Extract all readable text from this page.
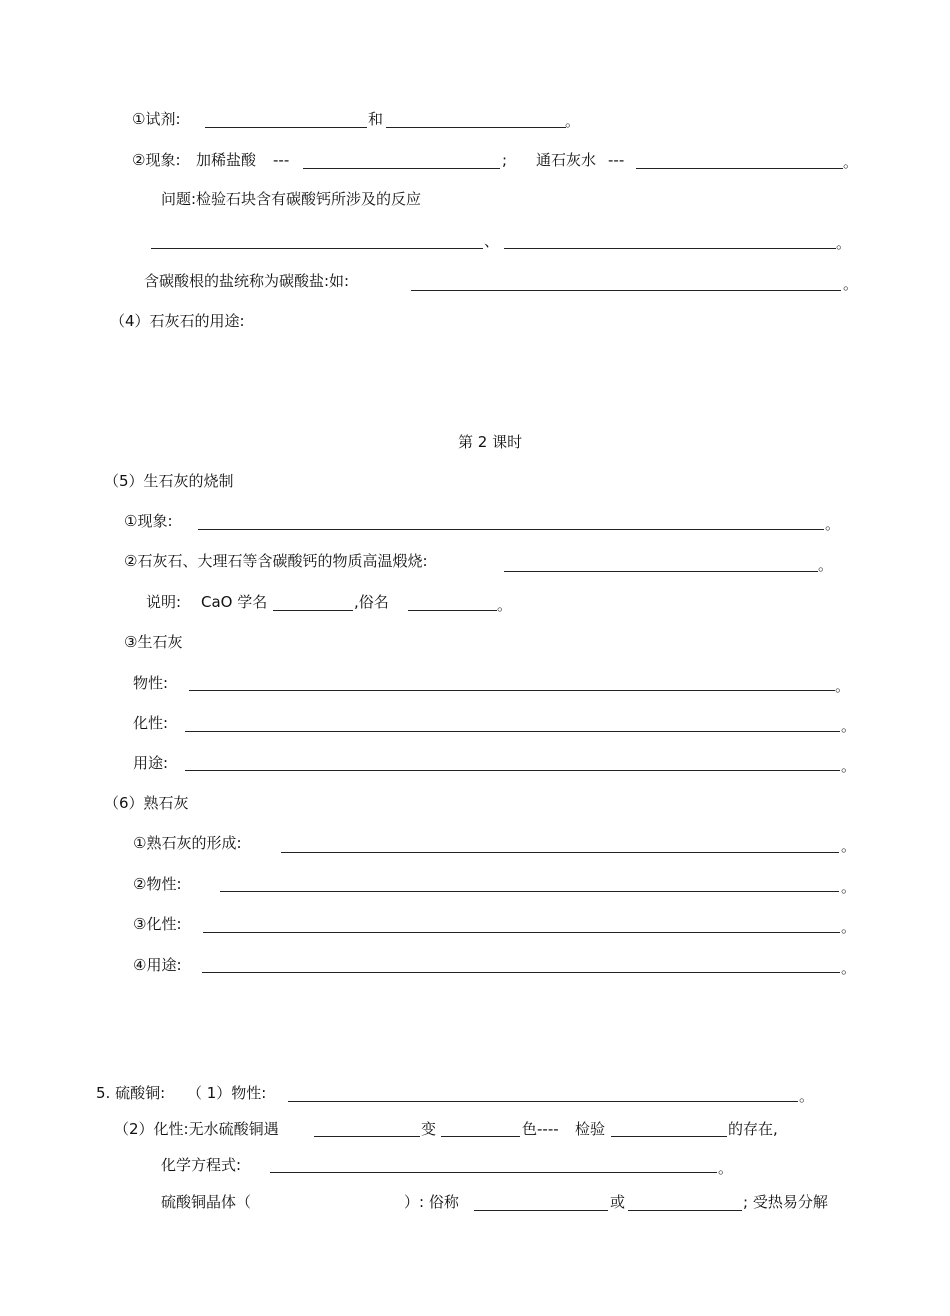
①试剂:	和	。
②现象: 加稀盐酸 ---	; 通石灰水 ---	。
问题:检验石块含有碳酸钙所涉及的反应
、	。
含碳酸根的盐统称为碳酸盐:如:	。
（4）石灰石的用途:
第 2 课时
（5）生石灰的烧制
①现象:	。
②石灰石、大理石等含碳酸钙的物质高温煅烧:	。
说明: CaO 学名	,俗名	。
③生石灰
物性:	。
化性:	。
用途:	。
（6）熟石灰
①熟石灰的形成:	。
②物性:	。
③化性:	。
④用途:	。
5. 硫酸铜: （ 1）物性:	。
（2）化性:无水硫酸铜遇	变	色---- 检验	的存在,
化学方程式:	。
硫酸铜晶体（	）: 俗称	或	; 受热易分解
